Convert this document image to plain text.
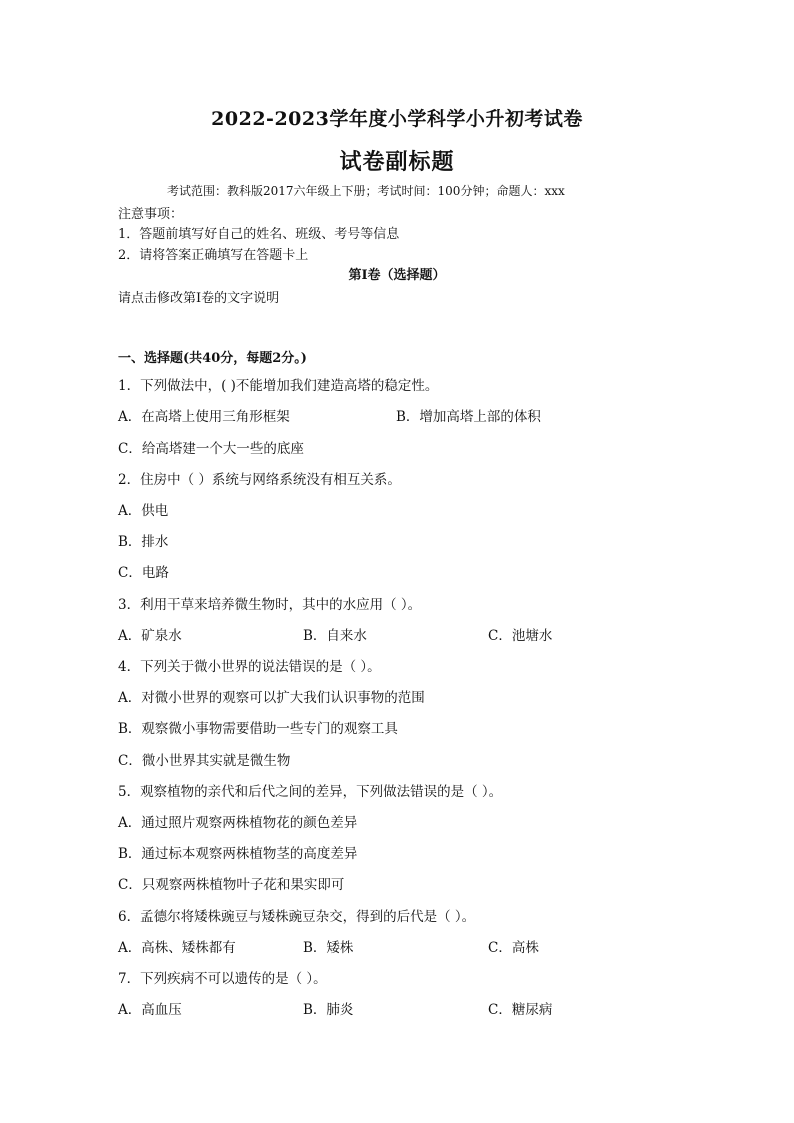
2022-2023学年度小学科学小升初考试卷
试卷副标题
考试范围：教科版2017六年级上下册；考试时间：100分钟；命题人：xxx
注意事项：
1．答题前填写好自己的姓名、班级、考号等信息
2．请将答案正确填写在答题卡上
第I卷（选择题）
请点击修改第I卷的文字说明
一、选择题(共40分，每题2分。)
1．下列做法中，( )不能增加我们建造高塔的稳定性。
A．在高塔上使用三角形框架	B．增加高塔上部的体积
C．给高塔建一个大一些的底座
2．住房中（ ）系统与网络系统没有相互关系。
A．供电
B．排水
C．电路
3．利用干草来培养微生物时，其中的水应用（ ）。
A．矿泉水	B．自来水	C．池塘水
4．下列关于微小世界的说法错误的是（ ）。
A．对微小世界的观察可以扩大我们认识事物的范围
B．观察微小事物需要借助一些专门的观察工具
C．微小世界其实就是微生物
5．观察植物的亲代和后代之间的差异，下列做法错误的是（ ）。
A．通过照片观察两株植物花的颜色差异
B．通过标本观察两株植物茎的高度差异
C．只观察两株植物叶子花和果实即可
6．孟德尔将矮株豌豆与矮株豌豆杂交，得到的后代是（ ）。
A．高株、矮株都有	B．矮株	C．高株
7．下列疾病不可以遗传的是（ ）。
A．高血压	B．肺炎	C．糖尿病
